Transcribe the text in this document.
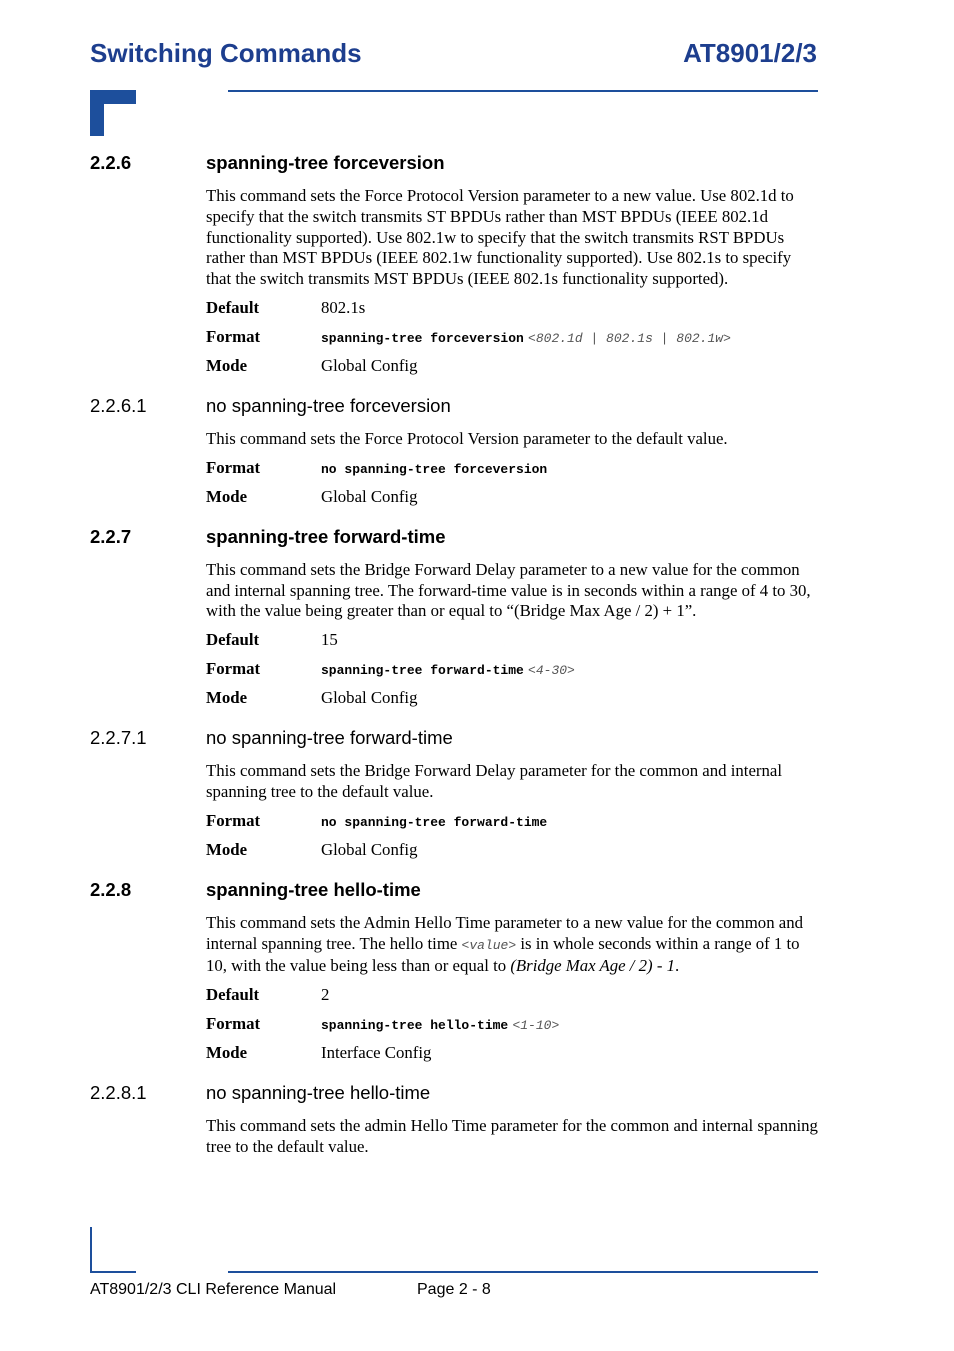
Switching Commands	AT8901/2/3
2.2.6	spanning-tree forceversion
This command sets the Force Protocol Version parameter to a new value. Use 802.1d to specify that the switch transmits ST BPDUs rather than MST BPDUs (IEEE 802.1d functionality supported). Use 802.1w to specify that the switch transmits RST BPDUs rather than MST BPDUs (IEEE 802.1w functionality supported). Use 802.1s to specify that the switch transmits MST BPDUs (IEEE 802.1s functionality supported).
Default	802.1s
Format	spanning-tree forceversion
<802.1d | 802.1s | 802.1w>
Mode	Global Config
2.2.6.1	no spanning-tree forceversion
This command sets the Force Protocol Version parameter to the default value.
Format	no spanning-tree forceversion
Mode	Global Config
2.2.7	spanning-tree forward-time
This command sets the Bridge Forward Delay parameter to a new value for the common and internal spanning tree. The forward-time value is in seconds within a range of 4 to 30, with the value being greater than or equal to “(Bridge Max Age / 2) + 1”.
Default	15
Format	spanning-tree forward-time
<4-30>
Mode	Global Config
2.2.7.1	no spanning-tree forward-time
This command sets the Bridge Forward Delay parameter for the common and internal spanning tree to the default value.
Format	no spanning-tree forward-time
Mode	Global Config
2.2.8	spanning-tree hello-time
This command sets the Admin Hello Time parameter to a new value for the common and internal spanning tree. The hello time <value> is in whole seconds within a range of 1 to 10, with the value being less than or equal to (Bridge Max Age / 2) - 1.
Default	2
Format	spanning-tree hello-time
<1-10>
Mode	Interface Config
2.2.8.1	no spanning-tree hello-time
This command sets the admin Hello Time parameter for the common and internal spanning tree to the default value.
AT8901/2/3 CLI Reference Manual	Page 2 - 8
